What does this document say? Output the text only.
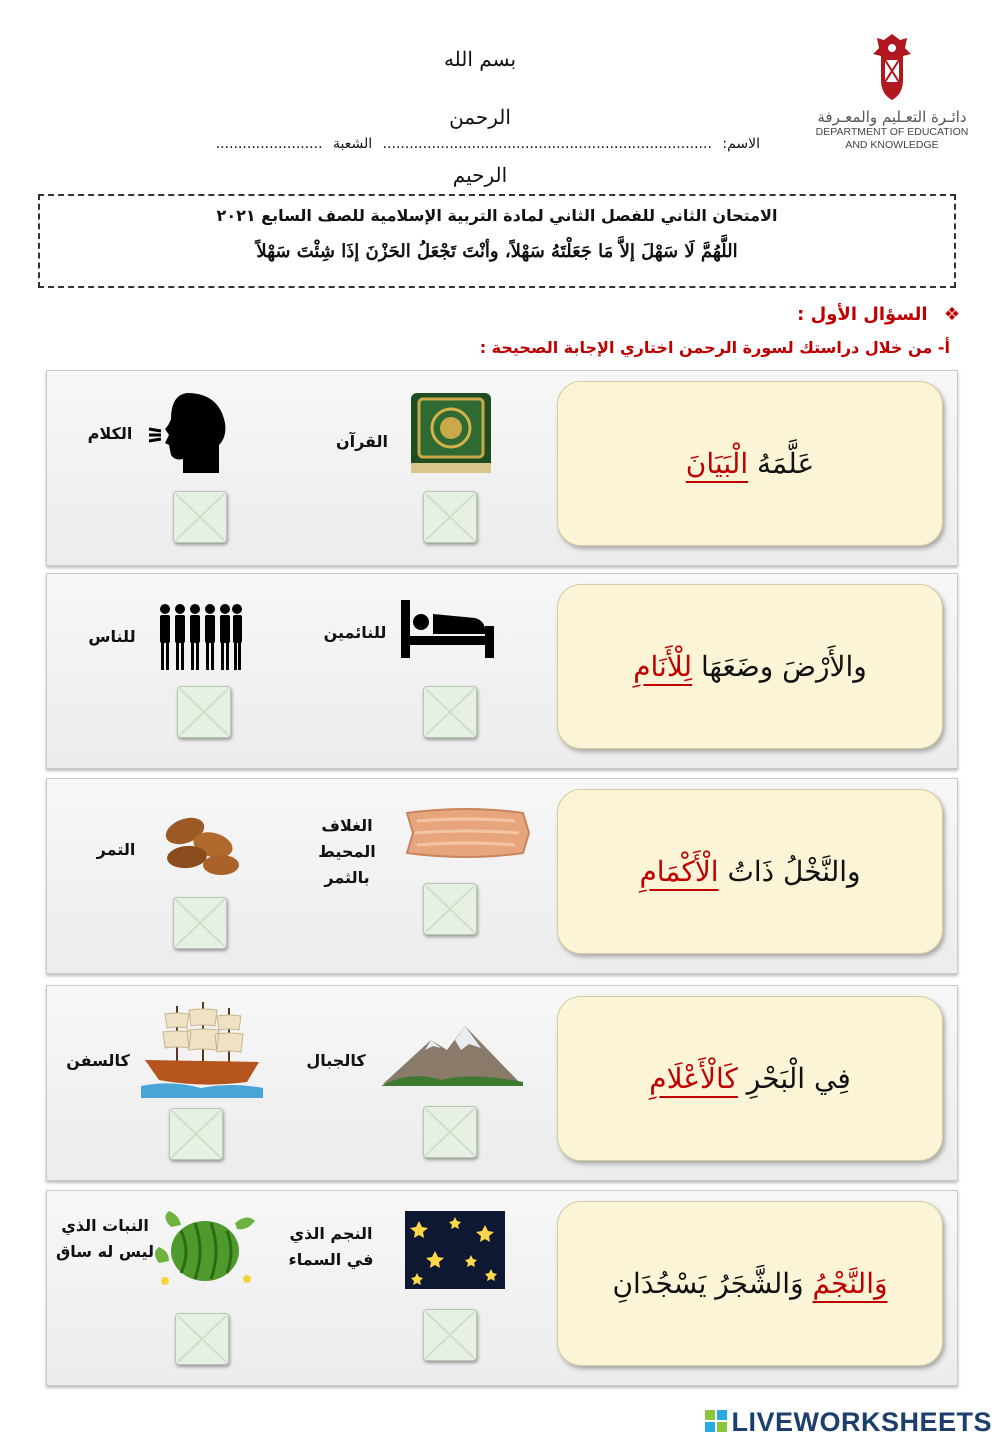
دائـرة التعـليم والمعـرفة
DEPARTMENT OF EDUCATION
AND KNOWLEDGE
بسم الله الرحمن الرحيم
الاسم: .......................................................................... الشعبة ........................
الامتحان الثاني للفصل الثاني لمادة التربية الإسلامية للصف السابع ٢٠٢١
اللَّهُمَّ لَا سَهْلَ إلاَّ مَا جَعَلْتَهُ سَهْلاً، وأنْتَ تَجْعَلُ الحَزْنَ إذَا شِئْتَ سَهْلاً
❖ السؤال الأول :
أ- من خلال دراستك لسورة الرحمن اختاري الإجابة الصحيحة :
عَلَّمَهُ الْبَيَانَ
القرآن
الكلام
والأَرْضَ وضَعَهَا لِلْأَنَامِ
للنائمين
للناس
والنَّخْلُ ذَاتُ الْأَكْمَامِ
الغلاف المحيط بالثمر
التمر
فِي الْبَحْرِ كَالْأَعْلَامِ
كالجبال
كالسفن
وَالنَّجْمُ وَالشَّجَرُ يَسْجُدَانِ
النجم الذي في السماء
النبات الذي ليس له ساق
LIVEWORKSHEETS
